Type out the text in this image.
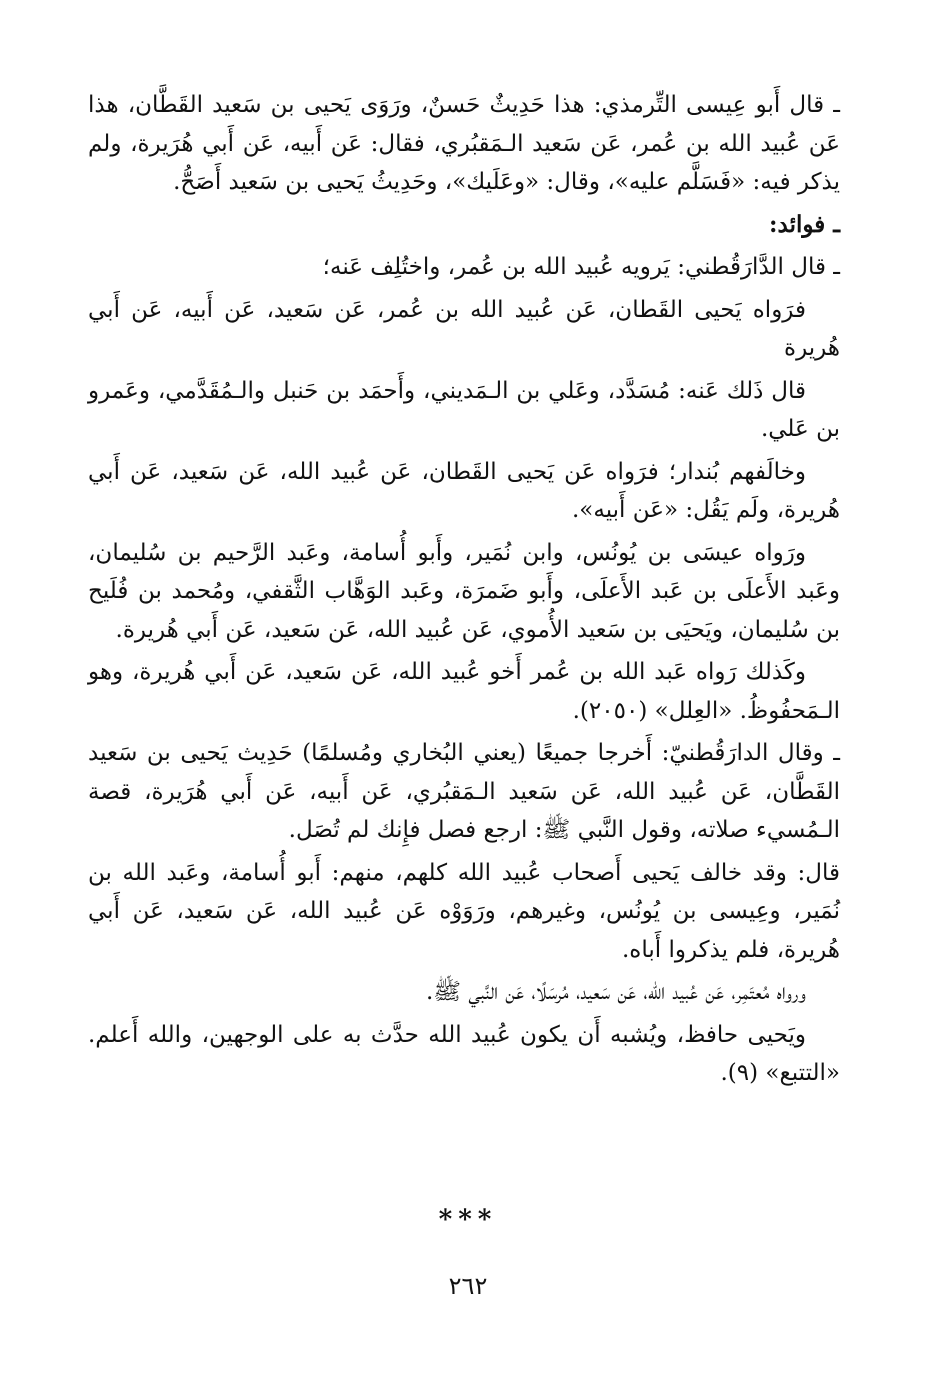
ـ قال أَبو عِيسى التِّرمذي: هذا حَدِيثٌ حَسنٌ، ورَوَى يَحيى بن سَعيد القَطَّان، هذا عَن عُبيد الله بن عُمر، عَن سَعيد الـمَقبُري، فقال: عَن أَبيه، عَن أَبي هُرَيرة، ولم يذكر فيه: «فَسَلَّم عليه»، وقال: «وعَلَيك»، وحَدِيثُ يَحيى بن سَعيد أَصَحُّ.

ـ فوائد:

ـ قال الدَّارَقُطني: يَرويه عُبيد الله بن عُمر، واختُلِف عَنه؛

فرَواه يَحيى القَطان، عَن عُبيد الله بن عُمر، عَن سَعيد، عَن أَبيه، عَن أَبي هُريرة

قال ذَلك عَنه: مُسَدَّد، وعَلي بن الـمَديني، وأَحمَد بن حَنبل والـمُقَدَّمي، وعَمرو بن عَلي.

وخالَفهم بُندار؛ فرَواه عَن يَحيى القَطان، عَن عُبيد الله، عَن سَعيد، عَن أَبي هُريرة، ولَم يَقُل: «عَن أَبيه».

ورَواه عيسَى بن يُونُس، وابن نُمَير، وأَبو أُسامة، وعَبد الرَّحيم بن سُليمان، وعَبد الأَعلَى بن عَبد الأَعلَى، وأَبو ضَمرَة، وعَبد الوَهَّاب الثَّقفي، ومُحمد بن فُلَيح بن سُليمان، ويَحيَى بن سَعيد الأُموي، عَن عُبيد الله، عَن سَعيد، عَن أَبي هُريرة.

وكَذلك رَواه عَبد الله بن عُمر أَخو عُبيد الله، عَن سَعيد، عَن أَبي هُريرة، وهو الـمَحفُوظُ. «العِلل» (٢٠٥٠).

ـ وقال الدارَقُطنيّ: أَخرجا جميعًا (يعني البُخاري ومُسلمًا) حَدِيث يَحيى بن سَعيد القَطَّان، عَن عُبيد الله، عَن سَعيد الـمَقبُري، عَن أَبيه، عَن أَبي هُرَيرة، قصة الـمُسيء صلاته، وقول النَّبي ﷺ: ارجع فصل فإِنك لم تُصَل.

قال: وقد خالف يَحيى أَصحاب عُبيد الله كلهم، منهم: أَبو أُسامة، وعَبد الله بن نُمَير، وعِيسى بن يُونُس، وغيرهم، ورَوَوْه عَن عُبيد الله، عَن سَعيد، عَن أَبي هُريرة، فلم يذكروا أَباه.

ورواه مُعتَمِر، عَن عُبيد الله، عَن سَعيد، مُرسَلًا، عَن النَّبي ﷺ.

ويَحيى حافظ، ويُشبه أَن يكون عُبيد الله حدَّث به على الوجهين، والله أَعلم. «التتبع» (٩).

***
٢٦٢
